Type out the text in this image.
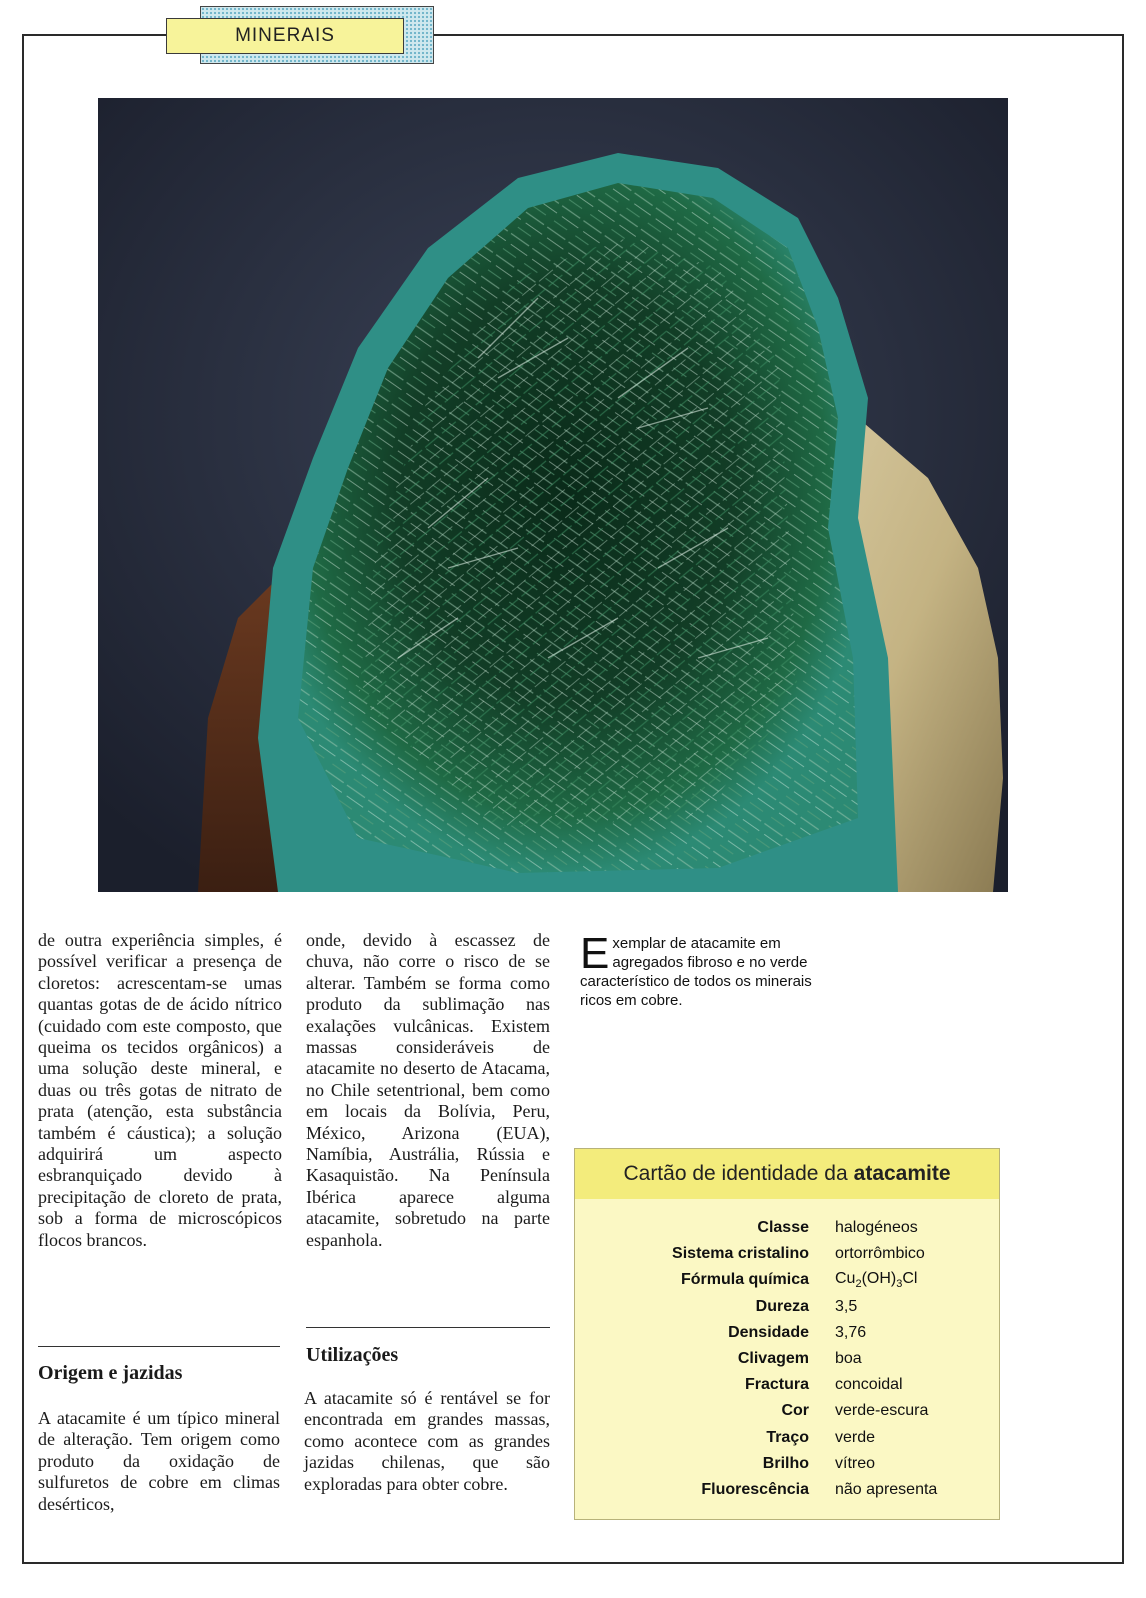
MINERAIS
de outra experiência simples, é possível verificar a presença de cloretos: acrescentam-se umas quantas gotas de de ácido nítrico (cuidado com este composto, que queima os tecidos orgânicos) a uma solução deste mineral, e duas ou três gotas de nitrato de prata (atenção, esta substância também é cáustica); a solução adquirirá um aspecto esbranquiçado devido à precipitação de cloreto de prata, sob a forma de microscópicos flocos brancos.
Origem e jazidas
A atacamite é um típico mineral de alteração. Tem origem como produto da oxidação de sulfuretos de cobre em climas desérticos,
onde, devido à escassez de chuva, não corre o risco de se alterar. Também se forma como produto da sublimação nas exalações vulcânicas. Existem massas consideráveis de atacamite no deserto de Atacama, no Chile setentrional, bem como em locais da Bolívia, Peru, México, Arizona (EUA), Namíbia, Austrália, Rússia e Kasaquistão. Na Península Ibérica aparece alguma atacamite, sobretudo na parte espanhola.
Utilizações
A atacamite só é rentável se for encontrada em grandes massas, como acontece com as grandes jazidas chilenas, que são exploradas para obter cobre.
Exemplar de atacamite em agregados fibroso e no verde característico de todos os minerais ricos em cobre.
Cartão de identidade da atacamite
Classe	halogéneos
Sistema cristalino	ortorrômbico
Fórmula química	$Cu_2(OH)_3Cl$
Dureza	3,5
Densidade	3,76
Clivagem	boa
Fractura	concoidal
Cor	verde-escura
Traço	verde
Brilho	vítreo
Fluorescência	não apresenta
